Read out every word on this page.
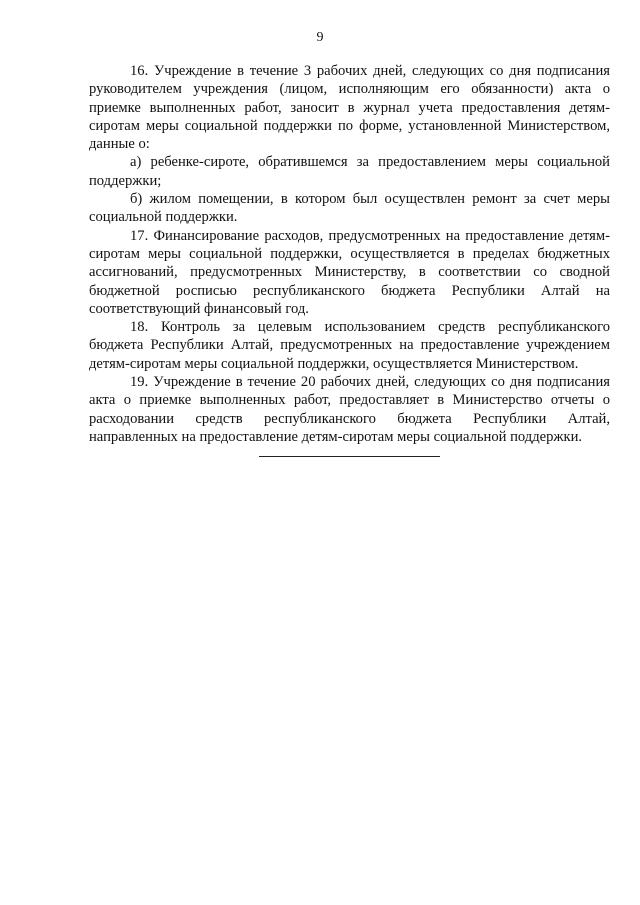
9

16. Учреждение в течение 3 рабочих дней, следующих со дня подписания руководителем учреждения (лицом, исполняющим его обязанности) акта о приемке выполненных работ, заносит в журнал учета предоставления детям-сиротам меры социальной поддержки по форме, установленной Министерством, данные о:

а) ребенке-сироте, обратившемся за предоставлением меры социальной поддержки;

б) жилом помещении, в котором был осуществлен ремонт за счет меры социальной поддержки.

17. Финансирование расходов, предусмотренных на предоставление детям-сиротам меры социальной поддержки, осуществляется в пределах бюджетных ассигнований, предусмотренных Министерству, в соответствии со сводной бюджетной росписью республиканского бюджета Республики Алтай на соответствующий финансовый год.

18. Контроль за целевым использованием средств республиканского бюджета Республики Алтай, предусмотренных на предоставление учреждением детям-сиротам меры социальной поддержки, осуществляется Министерством.

19. Учреждение в течение 20 рабочих дней, следующих со дня подписания акта о приемке выполненных работ, предоставляет в Министерство отчеты о расходовании средств республиканского бюджета Республики Алтай, направленных на предоставление детям-сиротам меры социальной поддержки.
